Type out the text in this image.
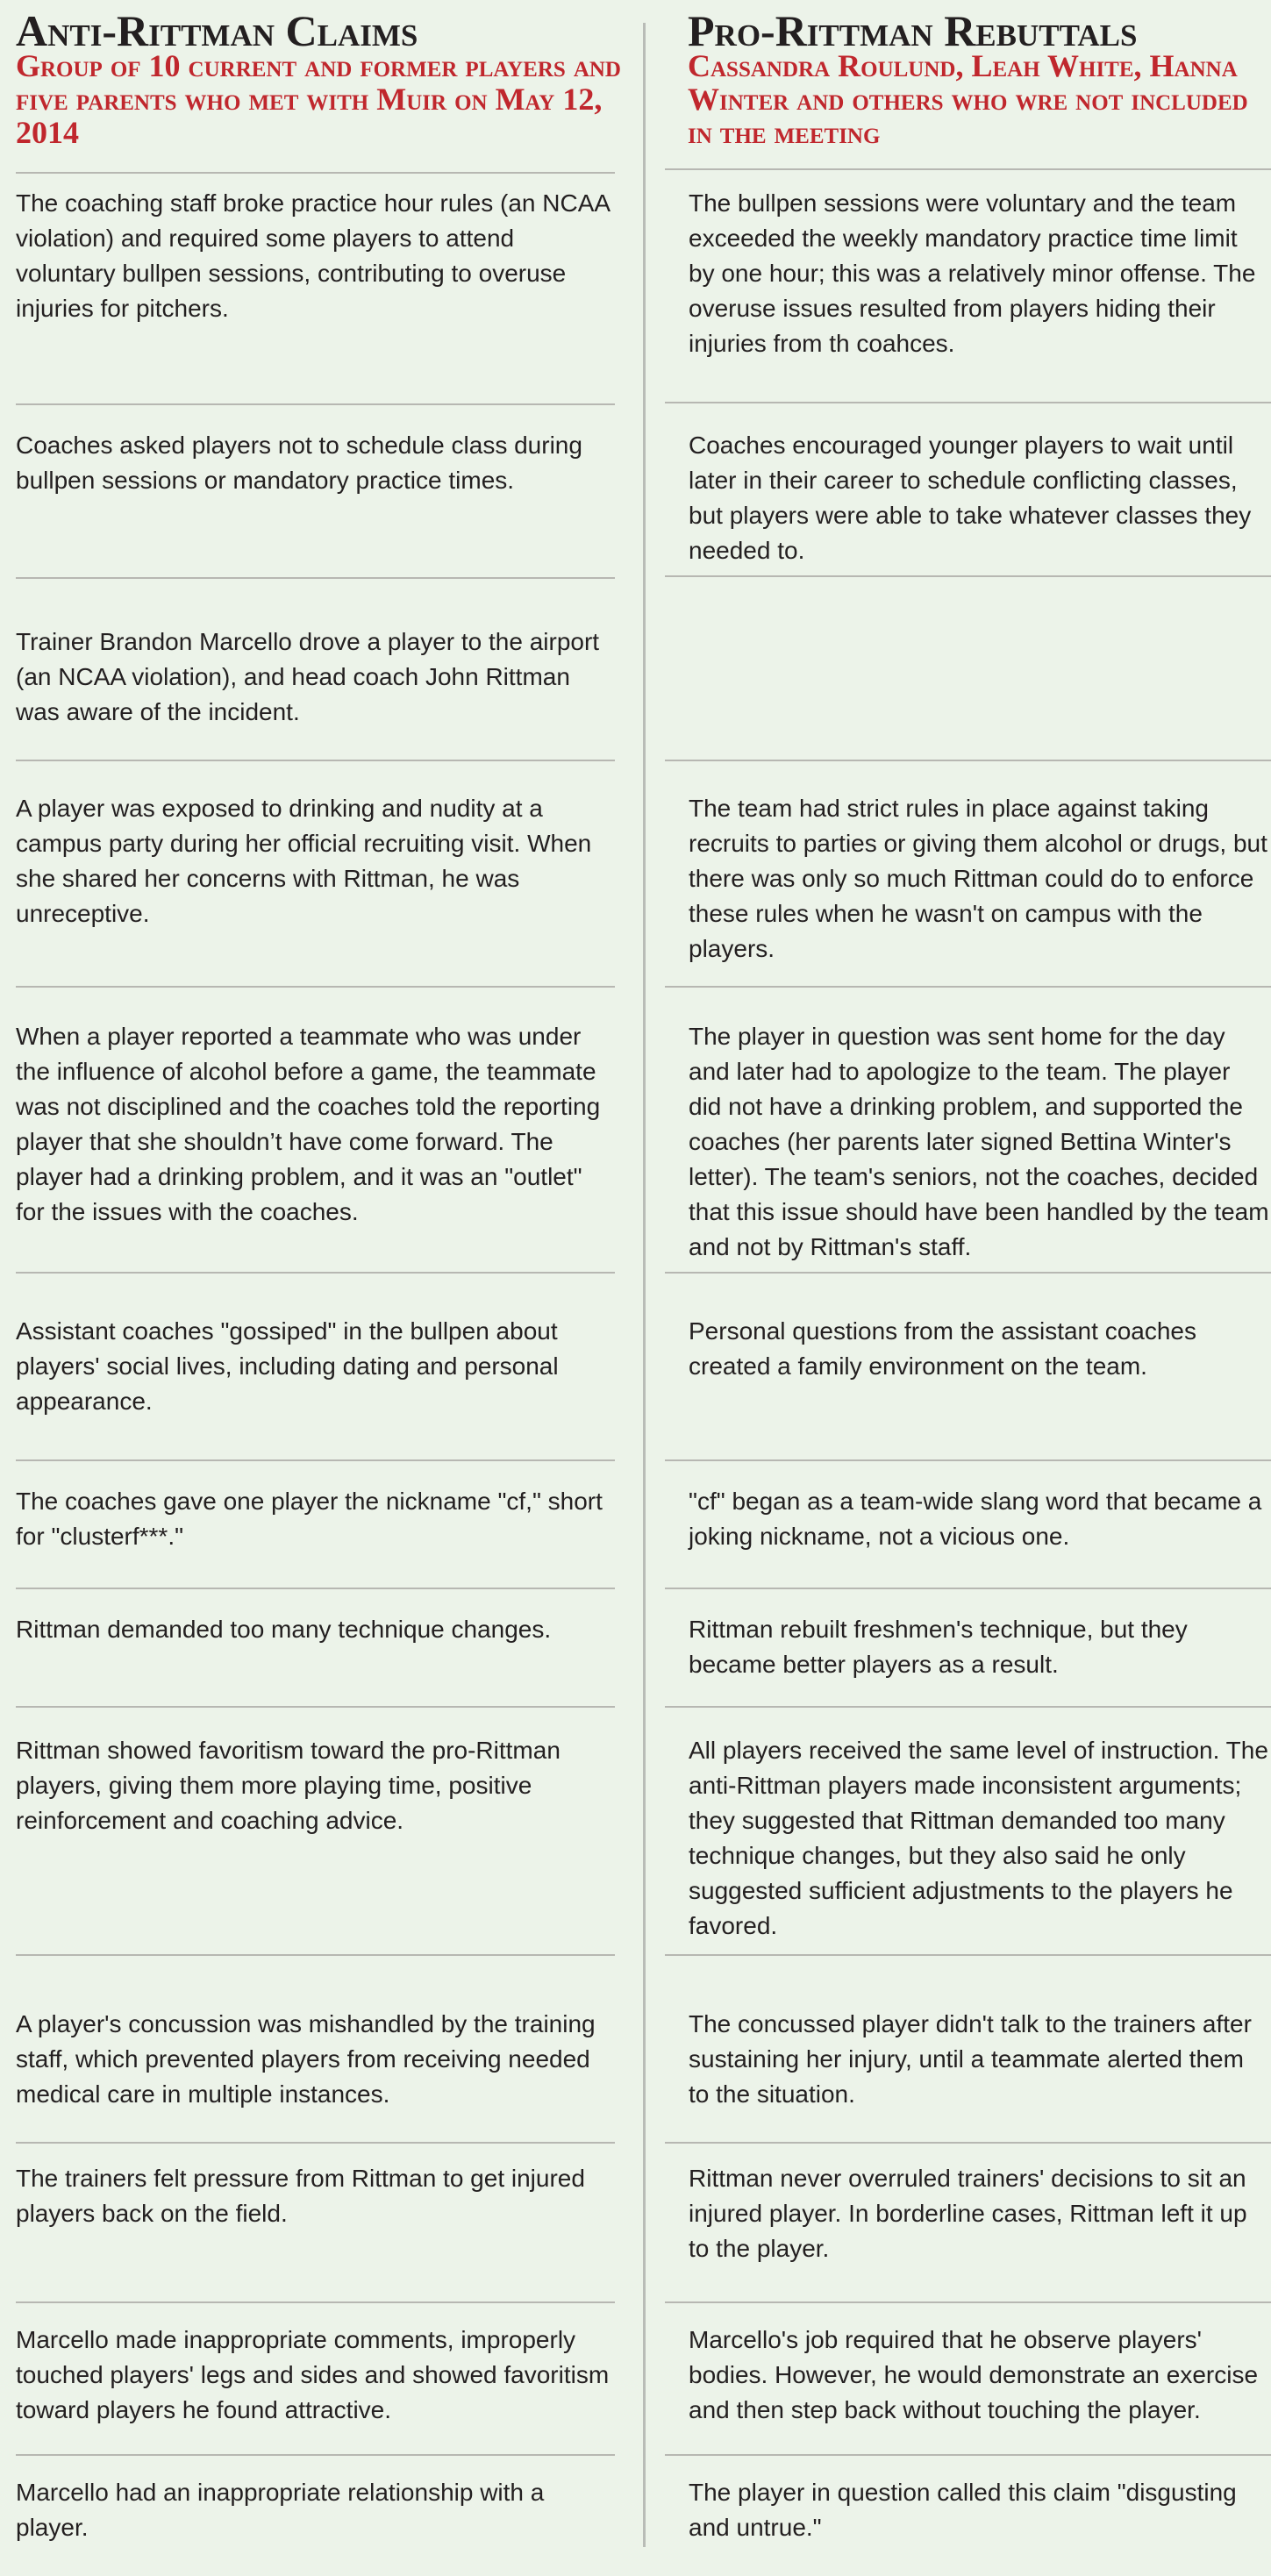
Anti-Rittman Claims
Group of 10 current and former players and five parents who met with Muir on May 12, 2014

The coaching staff broke practice hour rules (an NCAA violation) and required some players to attend voluntary bullpen sessions, contributing to overuse injuries for pitchers.

Coaches asked players not to schedule class during bullpen sessions or mandatory practice times.

Trainer Brandon Marcello drove a player to the airport (an NCAA violation), and head coach John Rittman was aware of the incident.

A player was exposed to drinking and nudity at a campus party during her official recruiting visit. When she shared her concerns with Rittman, he was unreceptive.

When a player reported a teammate who was under the influence of alcohol before a game, the teammate was not disciplined and the coaches told the reporting player that she shouldn’t have come forward. The player had a drinking problem, and it was an "outlet" for the issues with the coaches.

Assistant coaches "gossiped" in the bullpen about players' social lives, including dating and personal appearance.

The coaches gave one player the nickname "cf," short for "clusterf***."

Rittman demanded too many technique changes.

Rittman showed favoritism toward the pro-Rittman players, giving them more playing time, positive reinforcement and coaching advice.

A player's concussion was mishandled by the training staff, which prevented players from receiving needed medical care in multiple instances.

The trainers felt pressure from Rittman to get injured players back on the field.

Marcello made inappropriate comments, improperly touched players' legs and sides and showed favoritism toward players he found attractive.

Marcello had an inappropriate relationship with a player.

Pro-Rittman Rebuttals
Cassandra Roulund, Leah White, Hanna Winter and others who wre not included in the meeting

The bullpen sessions were voluntary and the team exceeded the weekly mandatory practice time limit by one hour; this was a relatively minor offense. The overuse issues resulted from players hiding their injuries from th coahces.

Coaches encouraged younger players to wait until later in their career to schedule conflicting classes, but players were able to take whatever classes they needed to.

The team had strict rules in place against taking recruits to parties or giving them alcohol or drugs, but there was only so much Rittman could do to enforce these rules when he wasn't on campus with the players.

The player in question was sent home for the day and later had to apologize to the team. The player did not have a drinking problem, and supported the coaches (her parents later signed Bettina Winter's letter). The team's seniors, not the coaches, decided that this issue should have been handled by the team and not by Rittman's staff.

Personal questions from the assistant coaches created a family environment on the team.

"cf" began as a team-wide slang word that became a joking nickname, not a vicious one.

Rittman rebuilt freshmen's technique, but they became better players as a result.

All players received the same level of instruction. The anti-Rittman players made inconsistent arguments; they suggested that Rittman demanded too many technique changes, but they also said he only suggested sufficient adjustments to the players he favored.

The concussed player didn't talk to the trainers after sustaining her injury, until a teammate alerted them to the situation.

Rittman never overruled trainers' decisions to sit an injured player. In borderline cases, Rittman left it up to the player.

Marcello's job required that he observe players' bodies. However, he would demonstrate an exercise and then step back without touching the player.

The player in question called this claim "disgusting and untrue."
